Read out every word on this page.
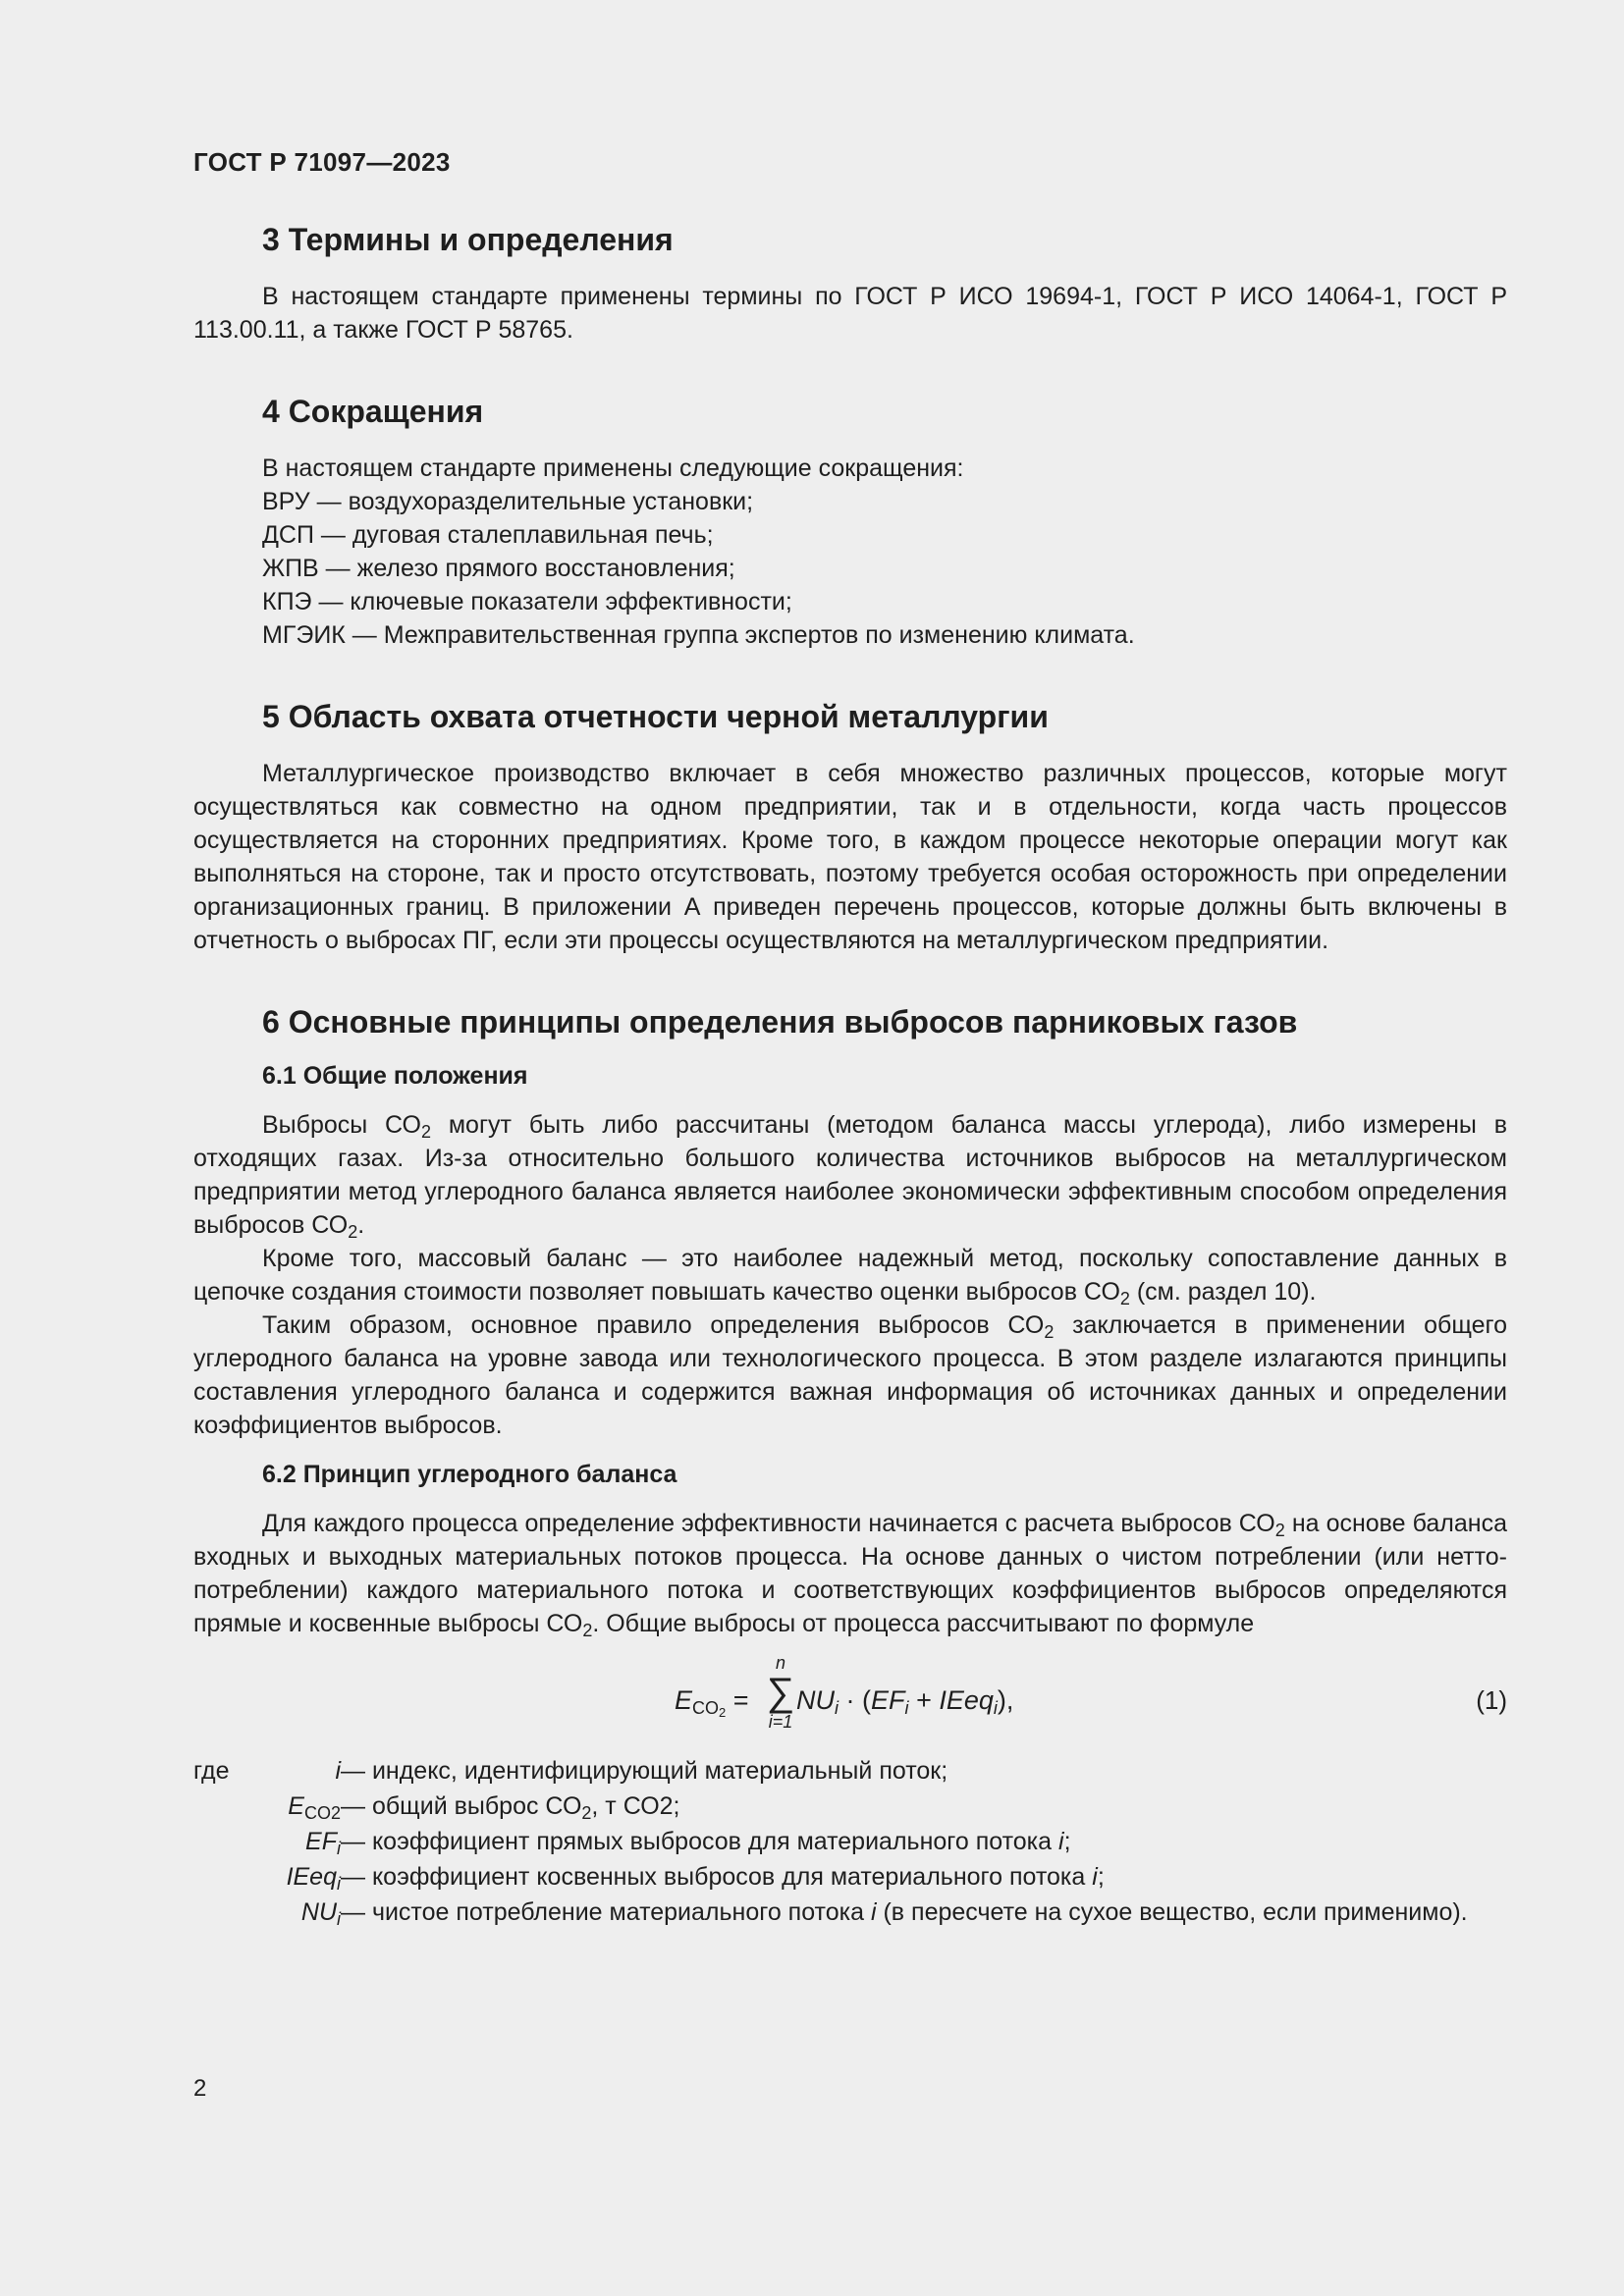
ГОСТ Р 71097—2023
3 Термины и определения

В настоящем стандарте применены термины по ГОСТ Р ИСО 19694-1, ГОСТ Р ИСО 14064-1, ГОСТ Р 113.00.11, а также ГОСТ Р 58765.

4 Сокращения

В настоящем стандарте применены следующие сокращения:

ВРУ — воздухоразделительные установки;

ДСП — дуговая сталеплавильная печь;

ЖПВ — железо прямого восстановления;

КПЭ — ключевые показатели эффективности;

МГЭИК — Межправительственная группа экспертов по изменению климата.

5 Область охвата отчетности черной металлургии

Металлургическое производство включает в себя множество различных процессов, которые могут осуществляться как совместно на одном предприятии, так и в отдельности, когда часть процессов осуществляется на сторонних предприятиях. Кроме того, в каждом процессе некоторые операции могут как выполняться на стороне, так и просто отсутствовать, поэтому требуется особая осторожность при определении организационных границ. В приложении А приведен перечень процессов, которые должны быть включены в отчетность о выбросах ПГ, если эти процессы осуществляются на металлургическом предприятии.

6 Основные принципы определения выбросов парниковых газов
6.1 Общие положения

Выбросы $СО_2$ могут быть либо рассчитаны (методом баланса массы углерода), либо измерены в отходящих газах. Из-за относительно большого количества источников выбросов на металлургическом предприятии метод углеродного баланса является наиболее экономически эффективным способом определения выбросов $СО_2$.

Кроме того, массовый баланс — это наиболее надежный метод, поскольку сопоставление данных в цепочке создания стоимости позволяет повышать качество оценки выбросов $СО_2$ (см. раздел 10).

Таким образом, основное правило определения выбросов $СО_2$ заключается в применении общего углеродного баланса на уровне завода или технологического процесса. В этом разделе излагаются принципы составления углеродного баланса и содержится важная информация об источниках данных и определении коэффициентов выбросов.

6.2 Принцип углеродного баланса

Для каждого процесса определение эффективности начинается с расчета выбросов $СО_2$ на основе баланса входных и выходных материальных потоков процесса. На основе данных о чистом потреблении (или нетто-потреблении) каждого материального потока и соответствующих коэффициентов выбросов определяются прямые и косвенные выбросы $СО_2$. Общие выбросы от процесса рассчитывают по формуле

$E_{CO_2}$ =
n
∑
i=1
$NU_i \cdot (EF_i$ + IEeq$_i$),	(1)
где	i — индекс, идентифицирующий материальный поток;
$E_{CO2}$ — общий выброс $СО_2$, т СО2;
$EF_i$ — коэффициент прямых выбросов для материального потока i;
IEeq$_i$ — коэффициент косвенных выбросов для материального потока i;
$NU_i$ — чистое потребление материального потока i (в пересчете на сухое вещество, если применимо).
2
